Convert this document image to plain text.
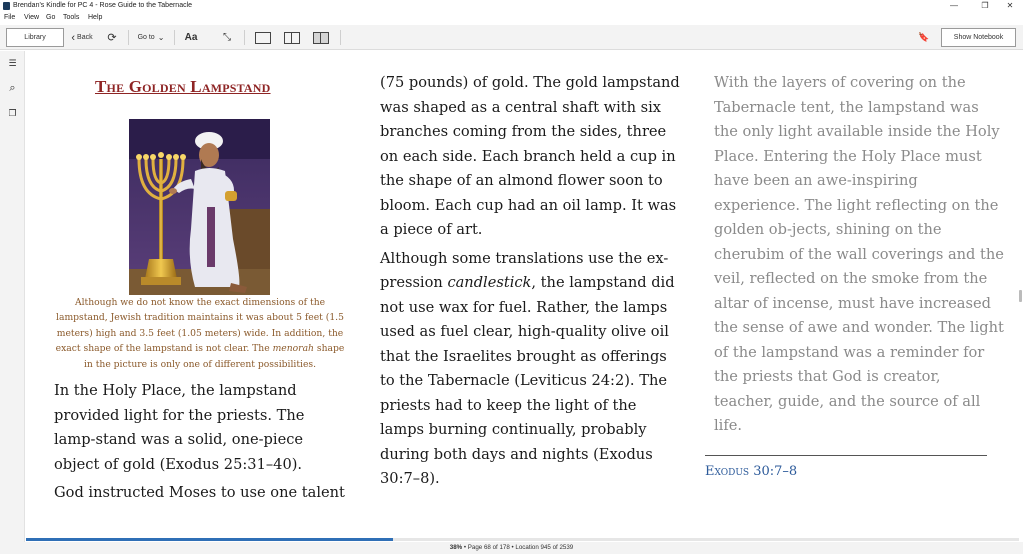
Brendan's Kindle for PC 4 - Rose Guide to the Tabernacle	—	❐	✕
File View Go Tools Help
Library	‹ Back	⟳	Go to ⌄ Aa	⤡	🔖	Show Notebook
☰
⌕
❐
The Golden Lampstand
Although we do not know the exact dimensions of the lampstand, Jewish tradition maintains it was about 5 feet (1.5 meters) high and 3.5 feet (1.05 meters) wide. In addition, the exact shape of the lampstand is not clear. The menorah shape in the picture is only one of different possibilities.

In the Holy Place, the lampstand provided light for the priests. The lamp-stand was a solid, one-piece object of gold (Exodus 25:31–40).

God instructed Moses to use one talent

(75 pounds) of gold. The gold lampstand was shaped as a central shaft with six branches coming from the sides, three on each side. Each branch held a cup in the shape of an almond flower soon to bloom. Each cup had an oil lamp. It was a piece of art.

Although some translations use the ex-pression candlestick, the lampstand did not use wax for fuel. Rather, the lamps used as fuel clear, high-quality olive oil that the Israelites brought as offerings to the Tabernacle (Leviticus 24:2). The priests had to keep the light of the lamps burning continually, probably during both days and nights (Exodus 30:7–8).

With the layers of covering on the Tabernacle tent, the lampstand was the only light available inside the Holy Place. Entering the Holy Place must have been an awe-inspiring experience. The light reflecting on the golden ob-jects, shining on the cherubim of the wall coverings and the veil, reflected on the smoke from the altar of incense, must have increased the sense of awe and wonder. The light of the lampstand was a reminder for the priests that God is creator, teacher, guide, and the source of all life.

Exodus 30:7–8
38% • Page 68 of 178 • Location 945 of 2539
